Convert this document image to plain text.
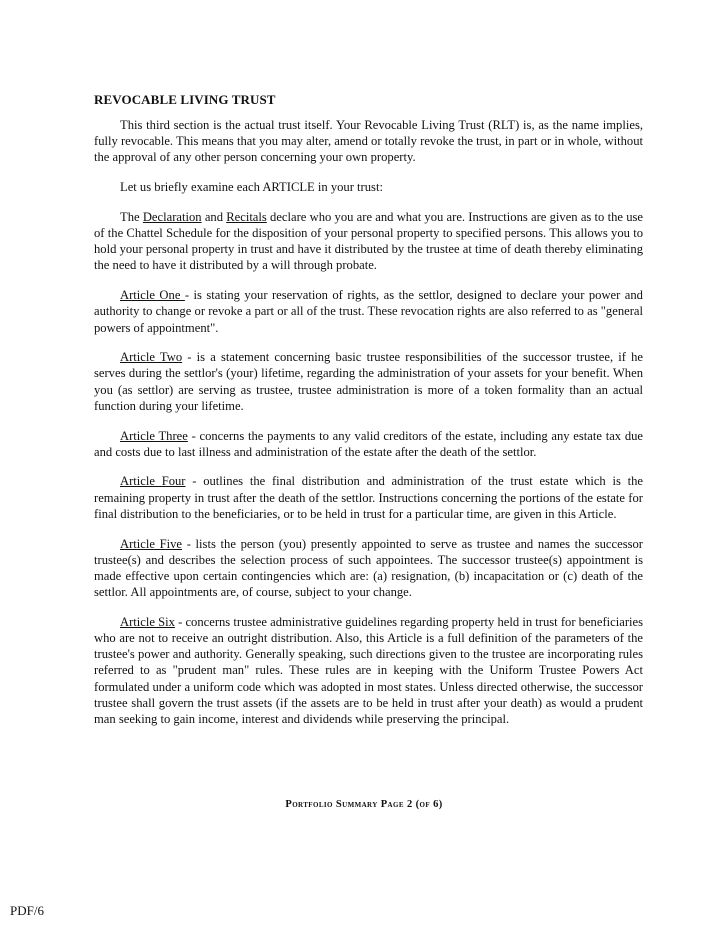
REVOCABLE LIVING TRUST

This third section is the actual trust itself. Your Revocable Living Trust (RLT) is, as the name implies, fully revocable. This means that you may alter, amend or totally revoke the trust, in part or in whole, without the approval of any other person concerning your own property.

Let us briefly examine each ARTICLE in your trust:

The Declaration and Recitals declare who you are and what you are. Instructions are given as to the use of the Chattel Schedule for the disposition of your personal property to specified persons. This allows you to hold your personal property in trust and have it distributed by the trustee at time of death thereby eliminating the need to have it distributed by a will through probate.

Article One - is stating your reservation of rights, as the settlor, designed to declare your power and authority to change or revoke a part or all of the trust. These revocation rights are also referred to as "general powers of appointment".

Article Two - is a statement concerning basic trustee responsibilities of the successor trustee, if he serves during the settlor's (your) lifetime, regarding the administration of your assets for your benefit. When you (as settlor) are serving as trustee, trustee administration is more of a token formality than an actual function during your lifetime.

Article Three - concerns the payments to any valid creditors of the estate, including any estate tax due and costs due to last illness and administration of the estate after the death of the settlor.

Article Four - outlines the final distribution and administration of the trust estate which is the remaining property in trust after the death of the settlor. Instructions concerning the portions of the estate for final distribution to the beneficiaries, or to be held in trust for a particular time, are given in this Article.

Article Five - lists the person (you) presently appointed to serve as trustee and names the successor trustee(s) and describes the selection process of such appointees. The successor trustee(s) appointment is made effective upon certain contingencies which are: (a) resignation, (b) incapacitation or (c) death of the settlor. All appointments are, of course, subject to your change.

Article Six - concerns trustee administrative guidelines regarding property held in trust for beneficiaries who are not to receive an outright distribution. Also, this Article is a full definition of the parameters of the trustee's power and authority. Generally speaking, such directions given to the trustee are incorporating rules referred to as "prudent man" rules. These rules are in keeping with the Uniform Trustee Powers Act formulated under a uniform code which was adopted in most states. Unless directed otherwise, the successor trustee shall govern the trust assets (if the assets are to be held in trust after your death) as would a prudent man seeking to gain income, interest and dividends while preserving the principal.

Portfolio Summary Page 2 (of 6)
PDF/6
